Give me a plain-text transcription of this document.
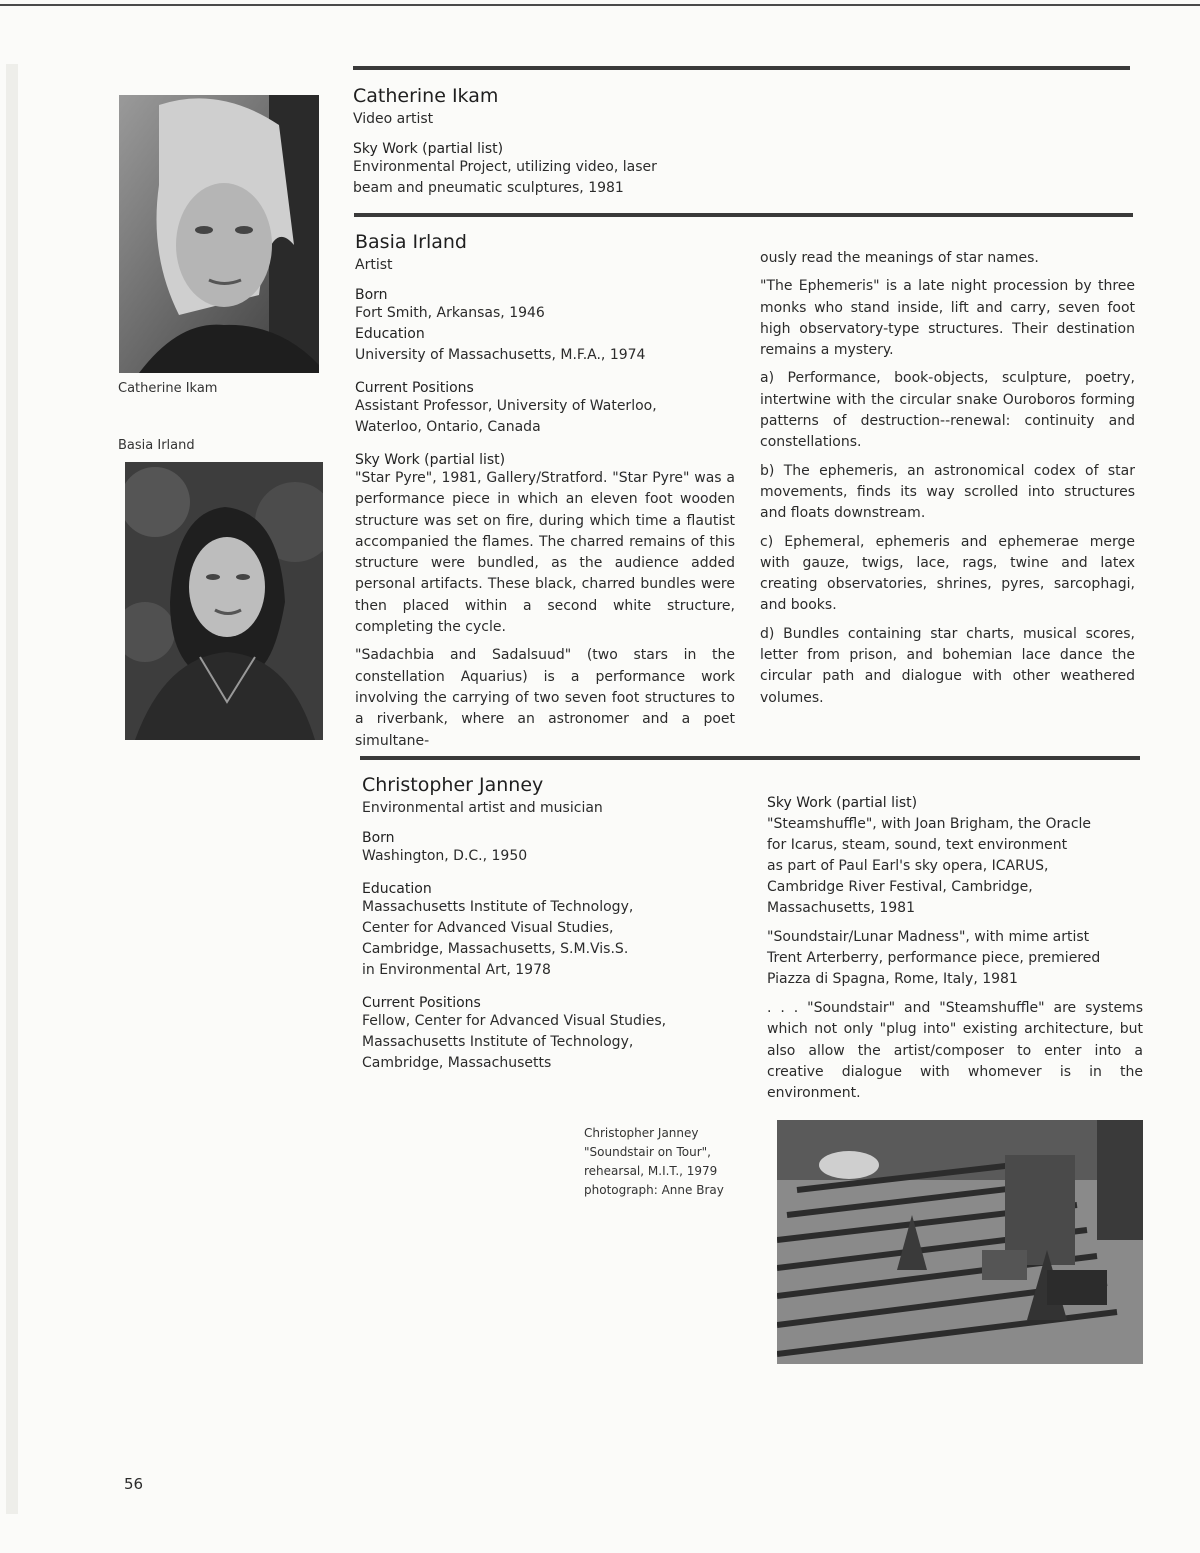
Catherine Ikam
Basia Irland
Catherine Ikam
Video artist
Sky Work (partial list)
Environmental Project, utilizing video, laser
beam and pneumatic sculptures, 1981
Basia Irland
Artist
Born
Fort Smith, Arkansas, 1946
Education
University of Massachusetts, M.F.A., 1974
Current Positions
Assistant Professor, University of Waterloo,
Waterloo, Ontario, Canada
Sky Work (partial list)

"Star Pyre", 1981, Gallery/Stratford. "Star Pyre" was a performance piece in which an eleven foot wooden structure was set on fire, during which time a flautist accompanied the flames. The charred remains of this structure were bundled, as the audience added personal artifacts. These black, charred bundles were then placed within a second white structure, completing the cycle.

"Sadachbia and Sadalsuud" (two stars in the constellation Aquarius) is a performance work involving the carrying of two seven foot structures to a riverbank, where an astronomer and a poet simultane-

ously read the meanings of star names.

"The Ephemeris" is a late night procession by three monks who stand inside, lift and carry, seven foot high observatory-type structures. Their destination remains a mystery.

a) Performance, book-objects, sculpture, poetry, intertwine with the circular snake Ouroboros forming patterns of destruction--renewal: continuity and constellations.

b) The ephemeris, an astronomical codex of star movements, finds its way scrolled into structures and floats downstream.

c) Ephemeral, ephemeris and ephemerae merge with gauze, twigs, lace, rags, twine and latex creating observatories, shrines, pyres, sarcophagi, and books.

d) Bundles containing star charts, musical scores, letter from prison, and bohemian lace dance the circular path and dialogue with other weathered volumes.

Christopher Janney
Environmental artist and musician
Born
Washington, D.C., 1950
Education
Massachusetts Institute of Technology,
Center for Advanced Visual Studies,
Cambridge, Massachusetts, S.M.Vis.S.
in Environmental Art, 1978
Current Positions
Fellow, Center for Advanced Visual Studies,
Massachusetts Institute of Technology,
Cambridge, Massachusetts
Sky Work (partial list)
"Steamshuffle", with Joan Brigham, the Oracle
for Icarus, steam, sound, text environment
as part of Paul Earl's sky opera, ICARUS,
Cambridge River Festival, Cambridge,
Massachusetts, 1981
"Soundstair/Lunar Madness", with mime artist
Trent Arterberry, performance piece, premiered
Piazza di Spagna, Rome, Italy, 1981

. . . "Soundstair" and "Steamshuffle" are systems which not only "plug into" existing architecture, but also allow the artist/composer to enter into a creative dialogue with whomever is in the environment.

Christopher Janney
"Soundstair on Tour",
rehearsal, M.I.T., 1979
photograph: Anne Bray
56
